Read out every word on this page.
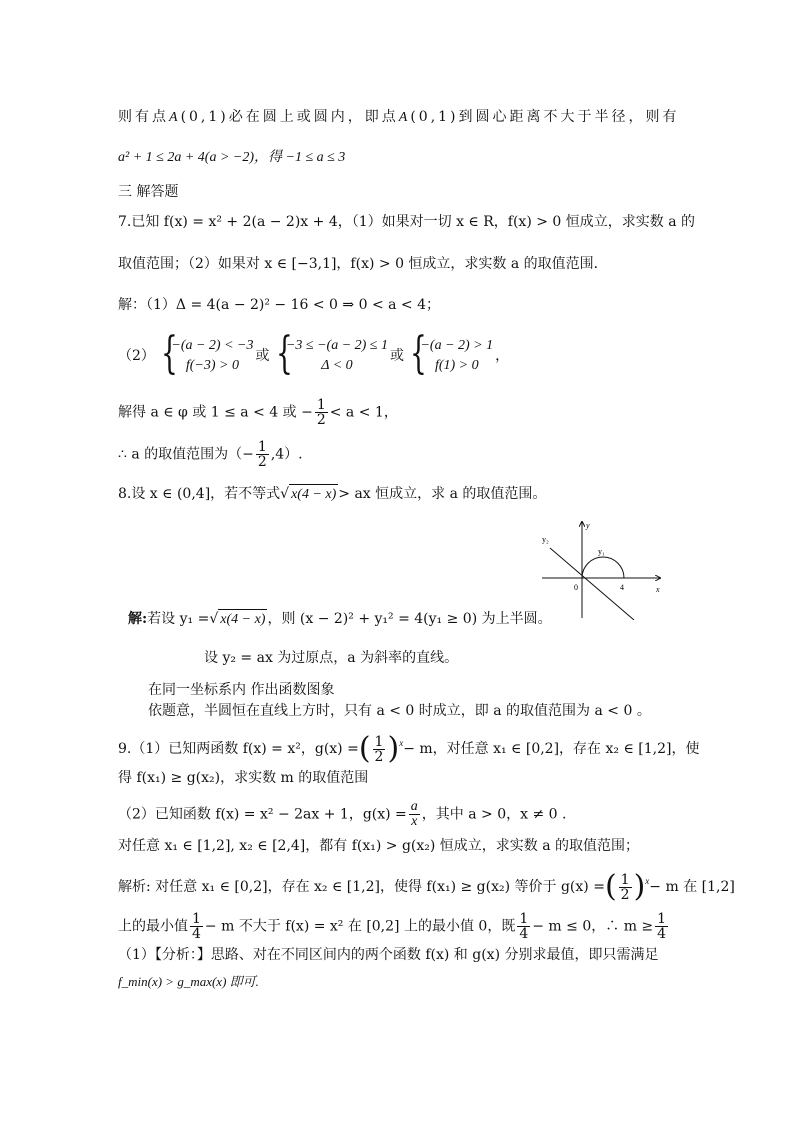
则有点A(0,1)必在圆上或圆内，即点A(0,1)到圆心距离不大于半径，则有
a² + 1 ≤ 2a + 4(a > −2)，得 −1 ≤ a ≤ 3
三 解答题
7.已知 f(x) = x² + 2(a − 2)x + 4，（1）如果对一切 x ∈ R，f(x) > 0 恒成立，求实数 a 的
取值范围；（2）如果对 x ∈ [−3,1]，f(x) > 0 恒成立，求实数 a 的取值范围．
解：（1）Δ = 4(a − 2)² − 16 < 0 ⇒ 0 < a < 4；
（2） {
−(a − 2) < −3
f(−3) > 0
或 {
−3 ≤ −(a − 2) ≤ 1
Δ < 0
或 {
−(a − 2) > 1
f(1) > 0
，
解得 a ∈ φ 或 1 ≤ a < 4 或 − $\frac{1}{2} < a < 1$，
∴ a 的取值范围为（− $\frac{1}{2} ,4$）.
8.设 x ∈ (0,4]，若不等式√ x(4 − x) > ax 恒成立，求 a 的取值范围。
y
y₂
y₁
0	4	x
解:若设 y₁ =√ x(4 − x) ，则 (x − 2)² + y₁² = 4(y₁ ≥ 0) 为上半圆。
设 y₂ = ax 为过原点，a 为斜率的直线。
在同一坐标系内 作出函数图象
依题意，半圆恒在直线上方时，只有 a < 0 时成立，即 a 的取值范围为 a < 0 。
9.（1）已知两函数 f(x) = x²，g(x) =( $\frac{1}{2} )^x- m$，对任意 x₁ ∈ [0,2]，存在 x₂ ∈ [1,2]，使
得 f(x₁) ≥ g(x₂)，求实数 m 的取值范围
（2）已知函数 f(x) = x² − 2ax + 1，$g(x) = \frac{a}{x}$ ，其中 a > 0，x ≠ 0 .
对任意 x₁ ∈ [1,2], x₂ ∈ [2,4]，都有 f(x₁) > g(x₂) 恒成立，求实数 a 的取值范围；
解析: 对任意 x₁ ∈ [0,2]，存在 x₂ ∈ [1,2]，使得 f(x₁) ≥ g(x₂) 等价于 g(x) =( $\frac{1}{2} )^x- m$ 在 [1,2]
上的最小值 $\frac{1}{4} - m$ 不大于 f(x) = x² 在 [0,2] 上的最小值 0，既 $\frac{1}{4} - m \le 0$，∴ $m \ge \frac{1}{4}$
（1）【分析：】思路、对在不同区间内的两个函数 f(x) 和 g(x) 分别求最值，即只需满足
f_min(x) > g_max(x) 即可.
